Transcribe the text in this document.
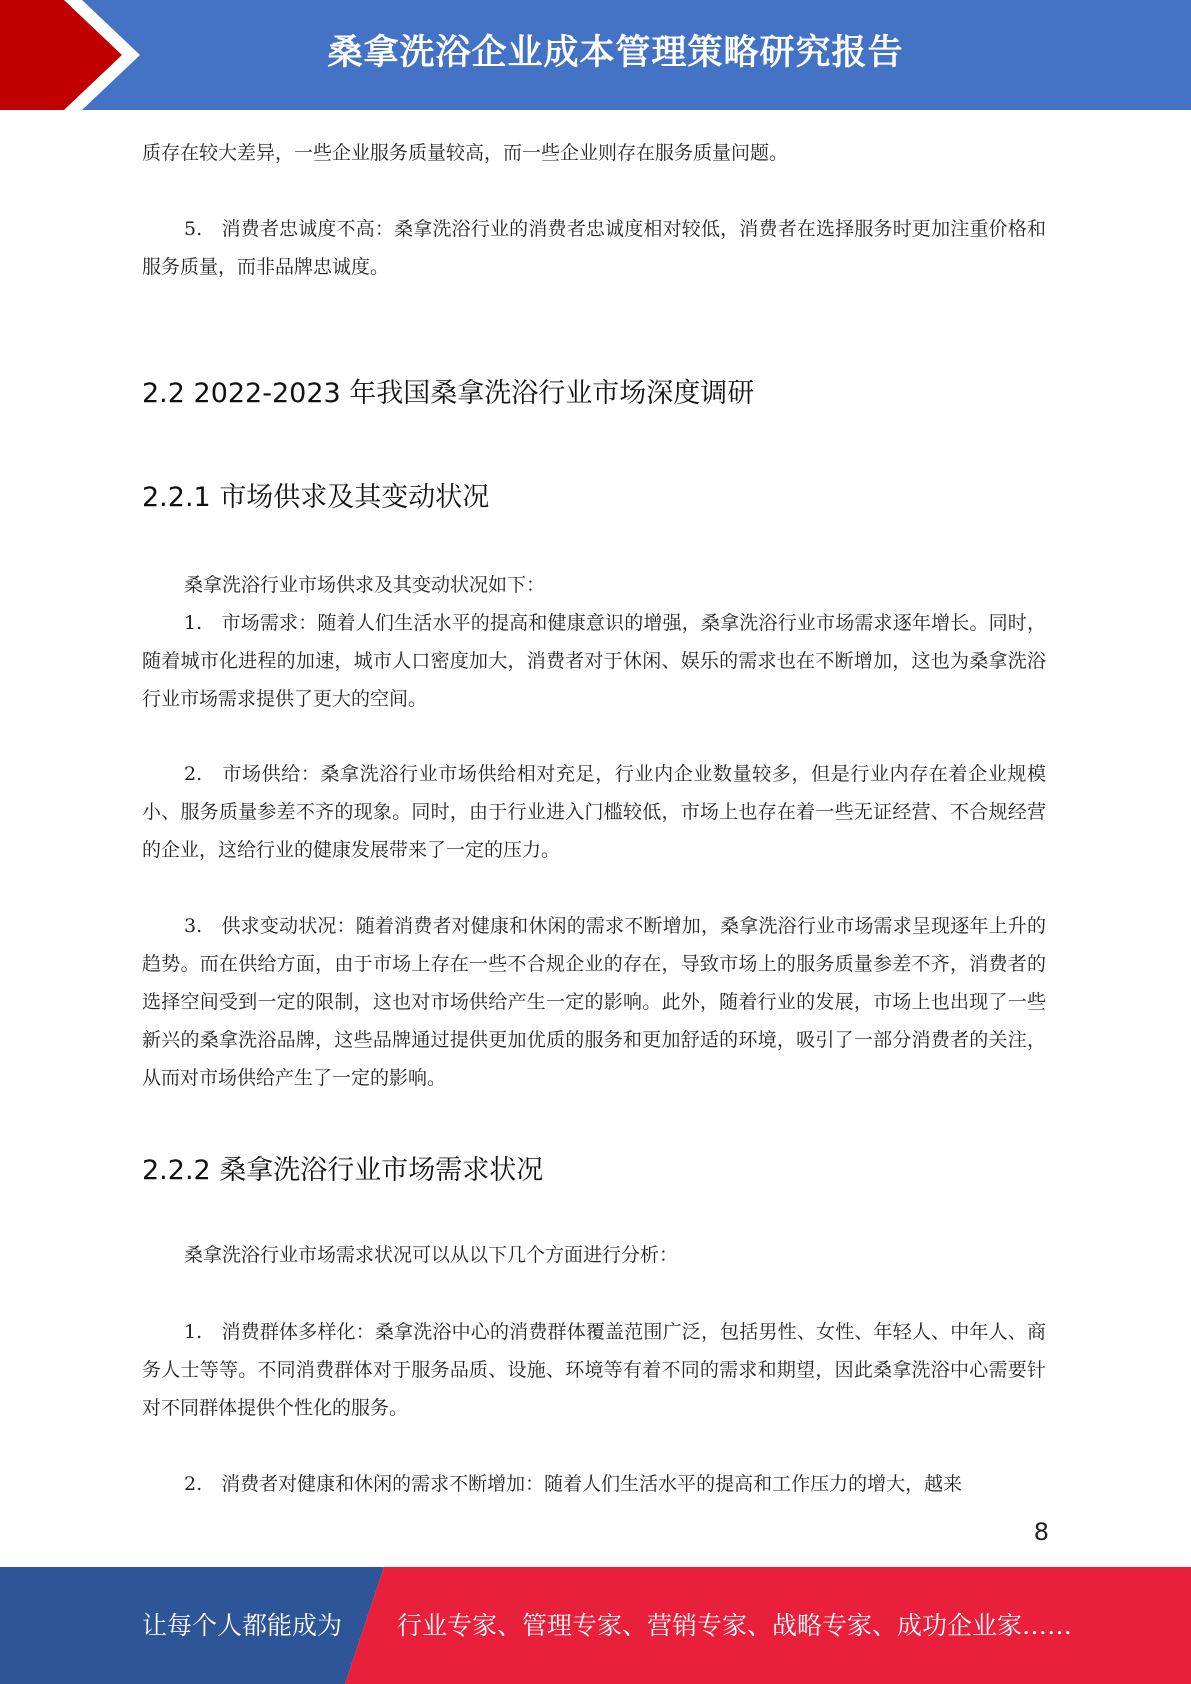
桑拿洗浴企业成本管理策略研究报告

质存在较大差异，一些企业服务质量较高，而一些企业则存在服务质量问题。

5.　消费者忠诚度不高：桑拿洗浴行业的消费者忠诚度相对较低，消费者在选择服务时更加注重价格和服务质量，而非品牌忠诚度。

2.2 2022-2023 年我国桑拿洗浴行业市场深度调研
2.2.1 市场供求及其变动状况

桑拿洗浴行业市场供求及其变动状况如下：

1.　市场需求：随着人们生活水平的提高和健康意识的增强，桑拿洗浴行业市场需求逐年增长。同时，随着城市化进程的加速，城市人口密度加大，消费者对于休闲、娱乐的需求也在不断增加，这也为桑拿洗浴行业市场需求提供了更大的空间。

2.　市场供给：桑拿洗浴行业市场供给相对充足，行业内企业数量较多，但是行业内存在着企业规模小、服务质量参差不齐的现象。同时，由于行业进入门槛较低，市场上也存在着一些无证经营、不合规经营的企业，这给行业的健康发展带来了一定的压力。

3.　供求变动状况：随着消费者对健康和休闲的需求不断增加，桑拿洗浴行业市场需求呈现逐年上升的趋势。而在供给方面，由于市场上存在一些不合规企业的存在，导致市场上的服务质量参差不齐，消费者的选择空间受到一定的限制，这也对市场供给产生一定的影响。此外，随着行业的发展，市场上也出现了一些新兴的桑拿洗浴品牌，这些品牌通过提供更加优质的服务和更加舒适的环境，吸引了一部分消费者的关注，从而对市场供给产生了一定的影响。

2.2.2 桑拿洗浴行业市场需求状况

桑拿洗浴行业市场需求状况可以从以下几个方面进行分析：

1.　消费群体多样化：桑拿洗浴中心的消费群体覆盖范围广泛，包括男性、女性、年轻人、中年人、商务人士等等。不同消费群体对于服务品质、设施、环境等有着不同的需求和期望，因此桑拿洗浴中心需要针对不同群体提供个性化的服务。

2.　消费者对健康和休闲的需求不断增加：随着人们生活水平的提高和工作压力的增大，越来

8
让每个人都能成为 行业专家、管理专家、营销专家、战略专家、成功企业家……
